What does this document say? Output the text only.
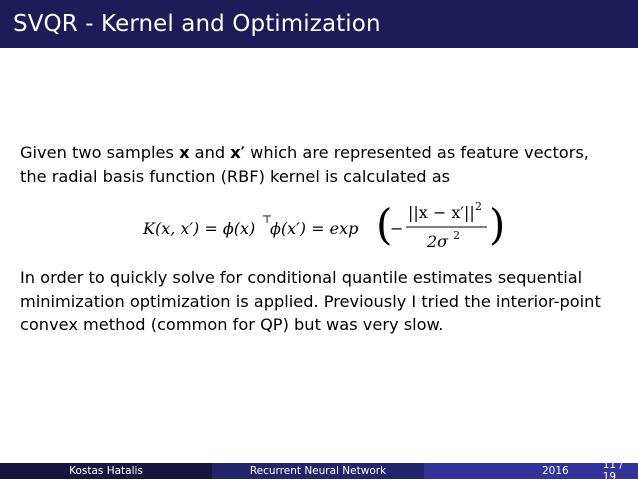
SVQR - Kernel and Optimization
Given two samples x and x′ which are represented as feature vectors, the radial basis function (RBF) kernel is calculated as
K(x, x′) = ϕ(x) ⊤
ϕ(x′) = exp (
−
||x − x′|| 2
2σ 2 )
In order to quickly solve for conditional quantile estimates sequential minimization optimization is applied. Previously I tried the interior-point convex method (common for QP) but was very slow.
Kostas Hatalis	Recurrent Neural Network	2016	11 / 19
